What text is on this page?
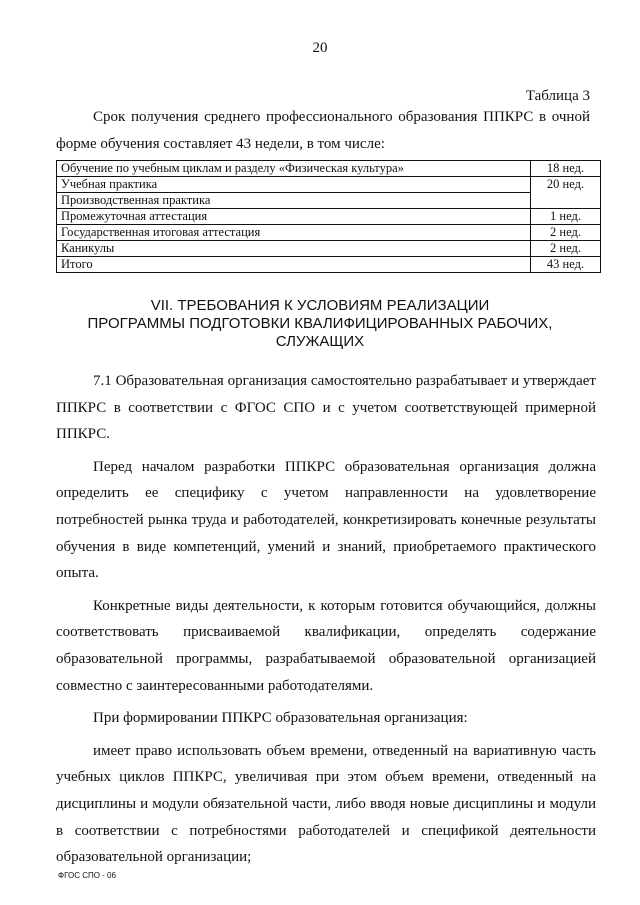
20
Таблица 3

Срок получения среднего профессионального образования ППКРС в очной форме обучения составляет 43 недели, в том числе:

Обучение по учебным циклам и разделу «Физическая культура»	18 нед.
Учебная практика	20 нед.
Производственная практика	
Промежуточная аттестация	1 нед.
Государственная итоговая аттестация	2 нед.
Каникулы	2 нед.
Итого	43 нед.
VII. ТРЕБОВАНИЯ К УСЛОВИЯМ РЕАЛИЗАЦИИ
ПРОГРАММЫ ПОДГОТОВКИ КВАЛИФИЦИРОВАННЫХ РАБОЧИХ,
СЛУЖАЩИХ

7.1 Образовательная организация самостоятельно разрабатывает и утверждает ППКРС в соответствии с ФГОС СПО и с учетом соответствующей примерной ППКРС.

Перед началом разработки ППКРС образовательная организация должна определить ее специфику с учетом направленности на удовлетворение потребностей рынка труда и работодателей, конкретизировать конечные результаты обучения в виде компетенций, умений и знаний, приобретаемого практического опыта.

Конкретные виды деятельности, к которым готовится обучающийся, должны соответствовать присваиваемой квалификации, определять содержание образовательной программы, разрабатываемой образовательной организацией совместно с заинтересованными работодателями.

При формировании ППКРС образовательная организация:

имеет право использовать объем времени, отведенный на вариативную часть учебных циклов ППКРС, увеличивая при этом объем времени, отведенный на дисциплины и модули обязательной части, либо вводя новые дисциплины и модули в соответствии с потребностями работодателей и спецификой деятельности образовательной организации;

ФГОС СПО - 06
